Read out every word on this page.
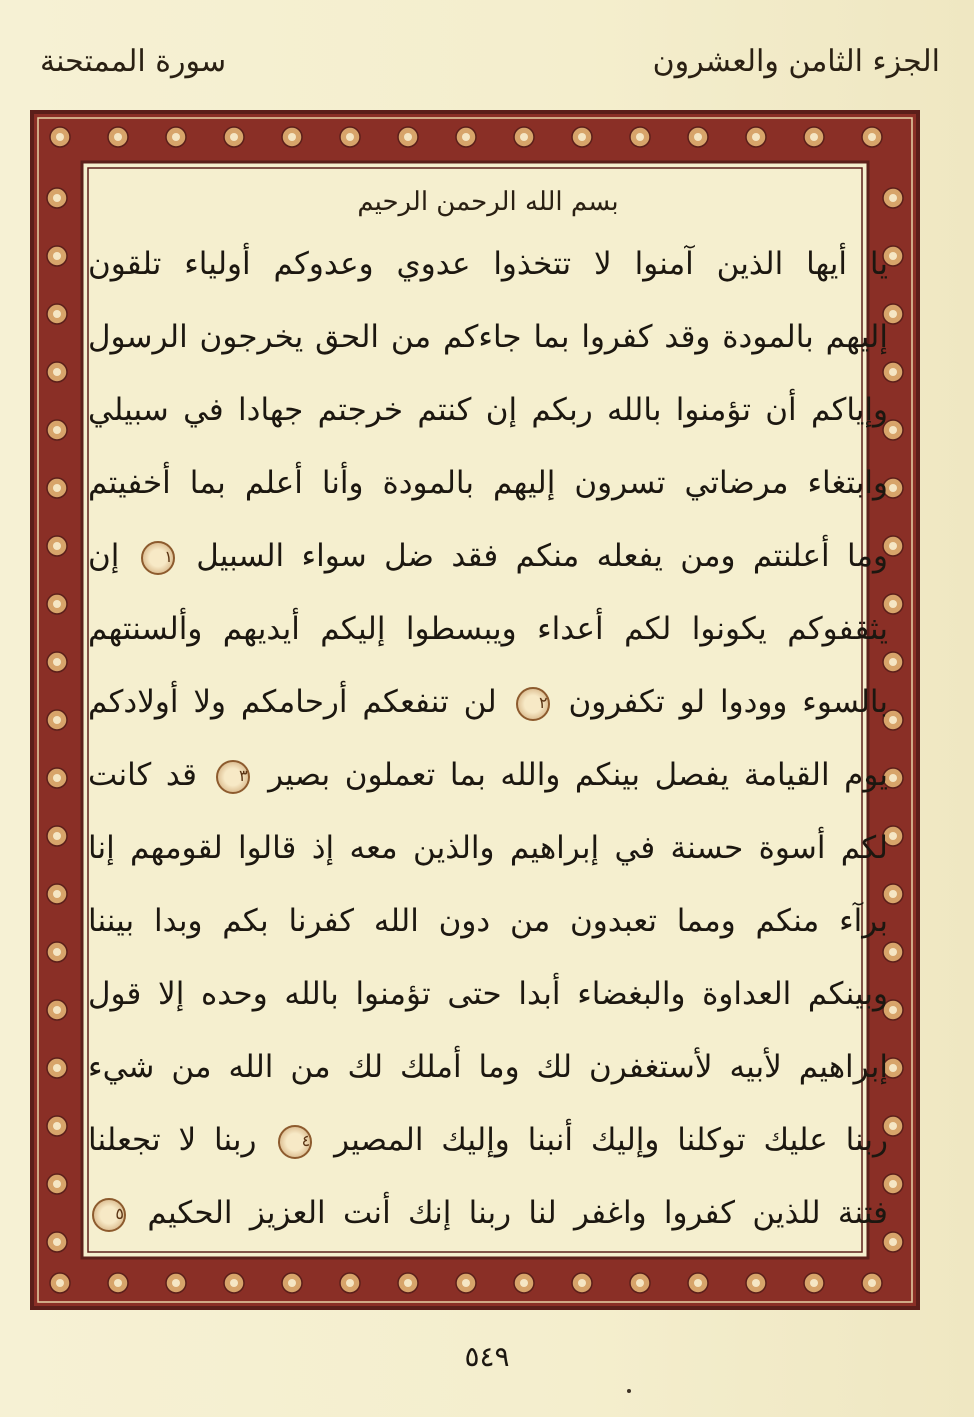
الجزء الثامن والعشرون
سورة الممتحنة
بسم الله الرحمن الرحيم
يا أيها الذين آمنوا لا تتخذوا عدوي وعدوكم أولياء تلقون
إليهم بالمودة وقد كفروا بما جاءكم من الحق يخرجون الرسول
وإياكم أن تؤمنوا بالله ربكم إن كنتم خرجتم جهادا في سبيلي
وابتغاء مرضاتي تسرون إليهم بالمودة وأنا أعلم بما أخفيتم
وما أعلنتم ومن يفعله منكم فقد ضل سواء السبيل ١ إن
يثقفوكم يكونوا لكم أعداء ويبسطوا إليكم أيديهم وألسنتهم
بالسوء وودوا لو تكفرون ٢ لن تنفعكم أرحامكم ولا أولادكم
يوم القيامة يفصل بينكم والله بما تعملون بصير ٣ قد كانت
لكم أسوة حسنة في إبراهيم والذين معه إذ قالوا لقومهم إنا
برآء منكم ومما تعبدون من دون الله كفرنا بكم وبدا بيننا
وبينكم العداوة والبغضاء أبدا حتى تؤمنوا بالله وحده إلا قول
إبراهيم لأبيه لأستغفرن لك وما أملك لك من الله من شيء
ربنا عليك توكلنا وإليك أنبنا وإليك المصير ٤ ربنا لا تجعلنا
فتنة للذين كفروا واغفر لنا ربنا إنك أنت العزيز الحكيم ٥
٥٤٩
